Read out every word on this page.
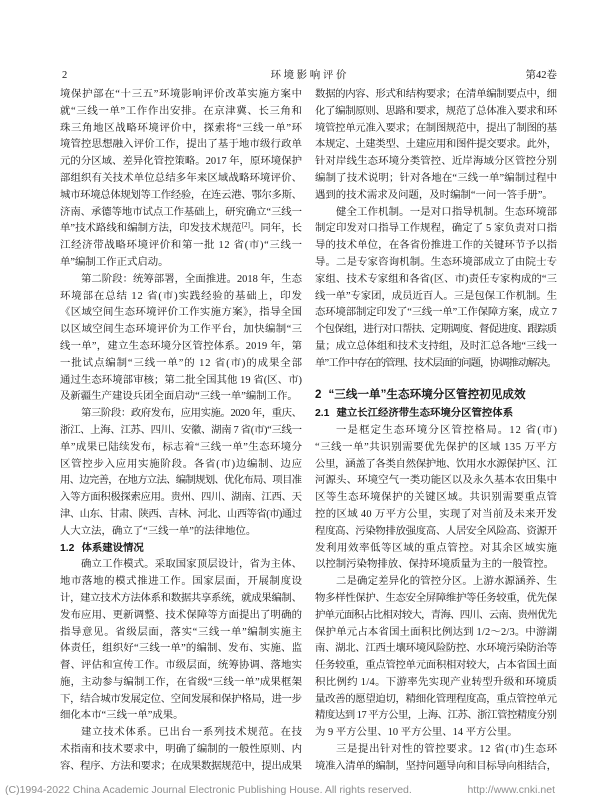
2	环 境 影 响 评 价	第42卷
境保护部在“十三五”环境影响评价改革实施方案中
就“三线一单”工作作出安排。在京津冀、长三角和
珠三角地区战略环境评价中，探索将“三线一单”环
境管控思想融入评价工作，提出了基于地市级行政单
元的分区域、差异化管控策略。2017 年，原环境保护
部组织有关技术单位总结多年来区域战略环境评价、
城市环境总体规划等工作经验，在连云港、鄂尔多斯、
济南、承德等地市试点工作基础上，研究确立“三线一
单”技术路线和编制方法，印发技术规范[2]。同年，长
江经济带战略环境评价和第一批 12 省(市)“三线一
单”编制工作正式启动。
第二阶段：统筹部署，全面推进。2018 年，生态
环境部在总结 12 省(市)实践经验的基础上，印发
《区域空间生态环境评价工作实施方案》，指导全国
以区域空间生态环境评价为工作平台，加快编制“三
线一单”，建立生态环境分区管控体系。2019 年，第
一批试点编制“三线一单”的 12 省(市)的成果全部
通过生态环境部审核；第二批全国其他 19 省(区、市)
及新疆生产建设兵团全面启动“三线一单”编制工作。
第三阶段：政府发布，应用实施。2020 年，重庆、
浙江、上海、江苏、四川、安徽、湖南 7 省(市)“三线一
单”成果已陆续发布，标志着“三线一单”生态环境分
区管控步入应用实施阶段。各省(市)边编制、边应
用、边完善，在地方立法、编制规划、优化布局、项目准
入等方面积极探索应用。贵州、四川、湖南、江西、天
津、山东、甘肃、陕西、吉林、河北、山西等省(市)通过
人大立法，确立了“三线一单”的法律地位。
1.2 体系建设情况
确立工作模式。采取国家顶层设计，省为主体、
地市落地的模式推进工作。国家层面，开展制度设
计，建立技术方法体系和数据共享系统，就成果编制、
发布应用、更新调整、技术保障等方面提出了明确的
指导意见。省级层面，落实“三线一单”编制实施主
体责任，组织好“三线一单”的编制、发布、实施、监
督、评估和宣传工作。市级层面，统筹协调、落地实
施，主动参与编制工作，在省级“三线一单”成果框架
下，结合城市发展定位、空间发展和保护格局，进一步
细化本市“三线一单”成果。
建立技术体系。已出台一系列技术规范。在技
术指南和技术要求中，明确了编制的一般性原则、内
容、程序、方法和要求；在成果数据规范中，提出成果
数据的内容、形式和结构要求；在清单编制要点中，细
化了编制原则、思路和要求，规范了总体准入要求和环
境管控单元准入要求；在制图规范中，提出了制图的基
本规定、土建类型、土建应用和图件提交要求。此外，
针对岸线生态环境分类管控、近岸海域分区管控分别
编制了技术说明；针对各地在“三线一单”编制过程中
遇到的技术需求及问题，及时编制“一问一答手册”。
健全工作机制。一是对口指导机制。生态环境部
制定印发对口指导工作规程，确定了 5 家负责对口指
导的技术单位，在各省份推进工作的关键环节予以指
导。二是专家咨询机制。生态环境部成立了由院士专
家组、技术专家组和各省(区、市)责任专家构成的“三
线一单”专家团，成员近百人。三是包保工作机制。生
态环境部制定印发了“三线一单”工作保障方案，成立 7
个包保组，进行对口帮扶、定期调度、督促进度、跟踪质
量；成立总体组和技术支持组，及时汇总各地“三线一
单”工作中存在的管理、技术层面的问题，协调推动解决。
2 “三线一单”生态环境分区管控初见成效
2.1 建立长江经济带生态环境分区管控体系
一是框定生态环境分区管控格局。12 省(市)
“三线一单”共识别需要优先保护的区域 135 万平方
公里，涵盖了各类自然保护地、饮用水水源保护区、江
河源头、环境空气一类功能区以及永久基本农田集中
区等生态环境保护的关键区域。共识别需要重点管
控的区域 40 万平方公里，实现了对当前及未来开发
程度高、污染物排放强度高、人居安全风险高、资源开
发利用效率低等区域的重点管控。对其余区域实施
以控制污染物排放、保持环境质量为主的一般管控。
二是确定差异化的管控分区。上游水源涵养、生
物多样性保护、生态安全屏障维护等任务较重，优先保
护单元面积占比相对较大，青海、四川、云南、贵州优先
保护单元占本省国土面积比例达到 1/2～2/3。中游湖
南、湖北、江西土壤环境风险防控、水环境污染防治等
任务较重，重点管控单元面积相对较大，占本省国土面
积比例约 1/4。下游率先实现产业转型升级和环境质
量改善的愿望迫切，精细化管理程度高，重点管控单元
精度达到 17 平方公里，上海、江苏、浙江管控精度分别
为 9 平方公里、10 平方公里、14 平方公里。
三是提出针对性的管控要求。12 省(市)生态环
境准入清单的编制，坚持问题导向和目标导向相结合，
(C)1994-2022 China Academic Journal Electronic Publishing House. All rights reserved.	http://www.cnki.net
